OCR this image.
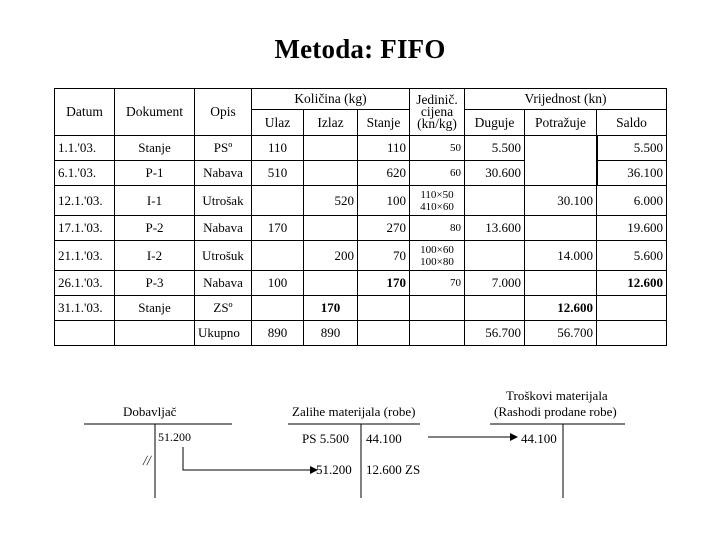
Metoda: FIFO
Datum	Dokument	Opis	Količina (kg)			Jedinič.
cijena
(kn/kg)	Vrijednost (kn)		
			Ulaz	Izlaz	Stanje		Duguje	Potražuje	Saldo
1.1.'03.	Stanje	PSº	110		110	50	5.500		5.500
6.1.'03.	P-1	Nabava	510		620	60	30.600		36.100
12.1.'03.	I-1	Utrošak		520	100	110×50
410×60		30.100	6.000
17.1.'03.	P-2	Nabava	170		270	80	13.600		19.600
21.1.'03.	I-2	Utrošuk		200	70	100×60
100×80		14.000	5.600
26.1.'03.	P-3	Nabava	100		170	70	7.000		12.600
31.1.'03.	Stanje	ZSº		170				12.600	
		Ukupno	890	890			56.700	56.700	
Dobavljač
51.200
//
Zalihe materijala (robe)
PS 5.500
51.200
44.100
12.600 ZS
Troškovi materijala
(Rashodi prodane robe)
44.100
